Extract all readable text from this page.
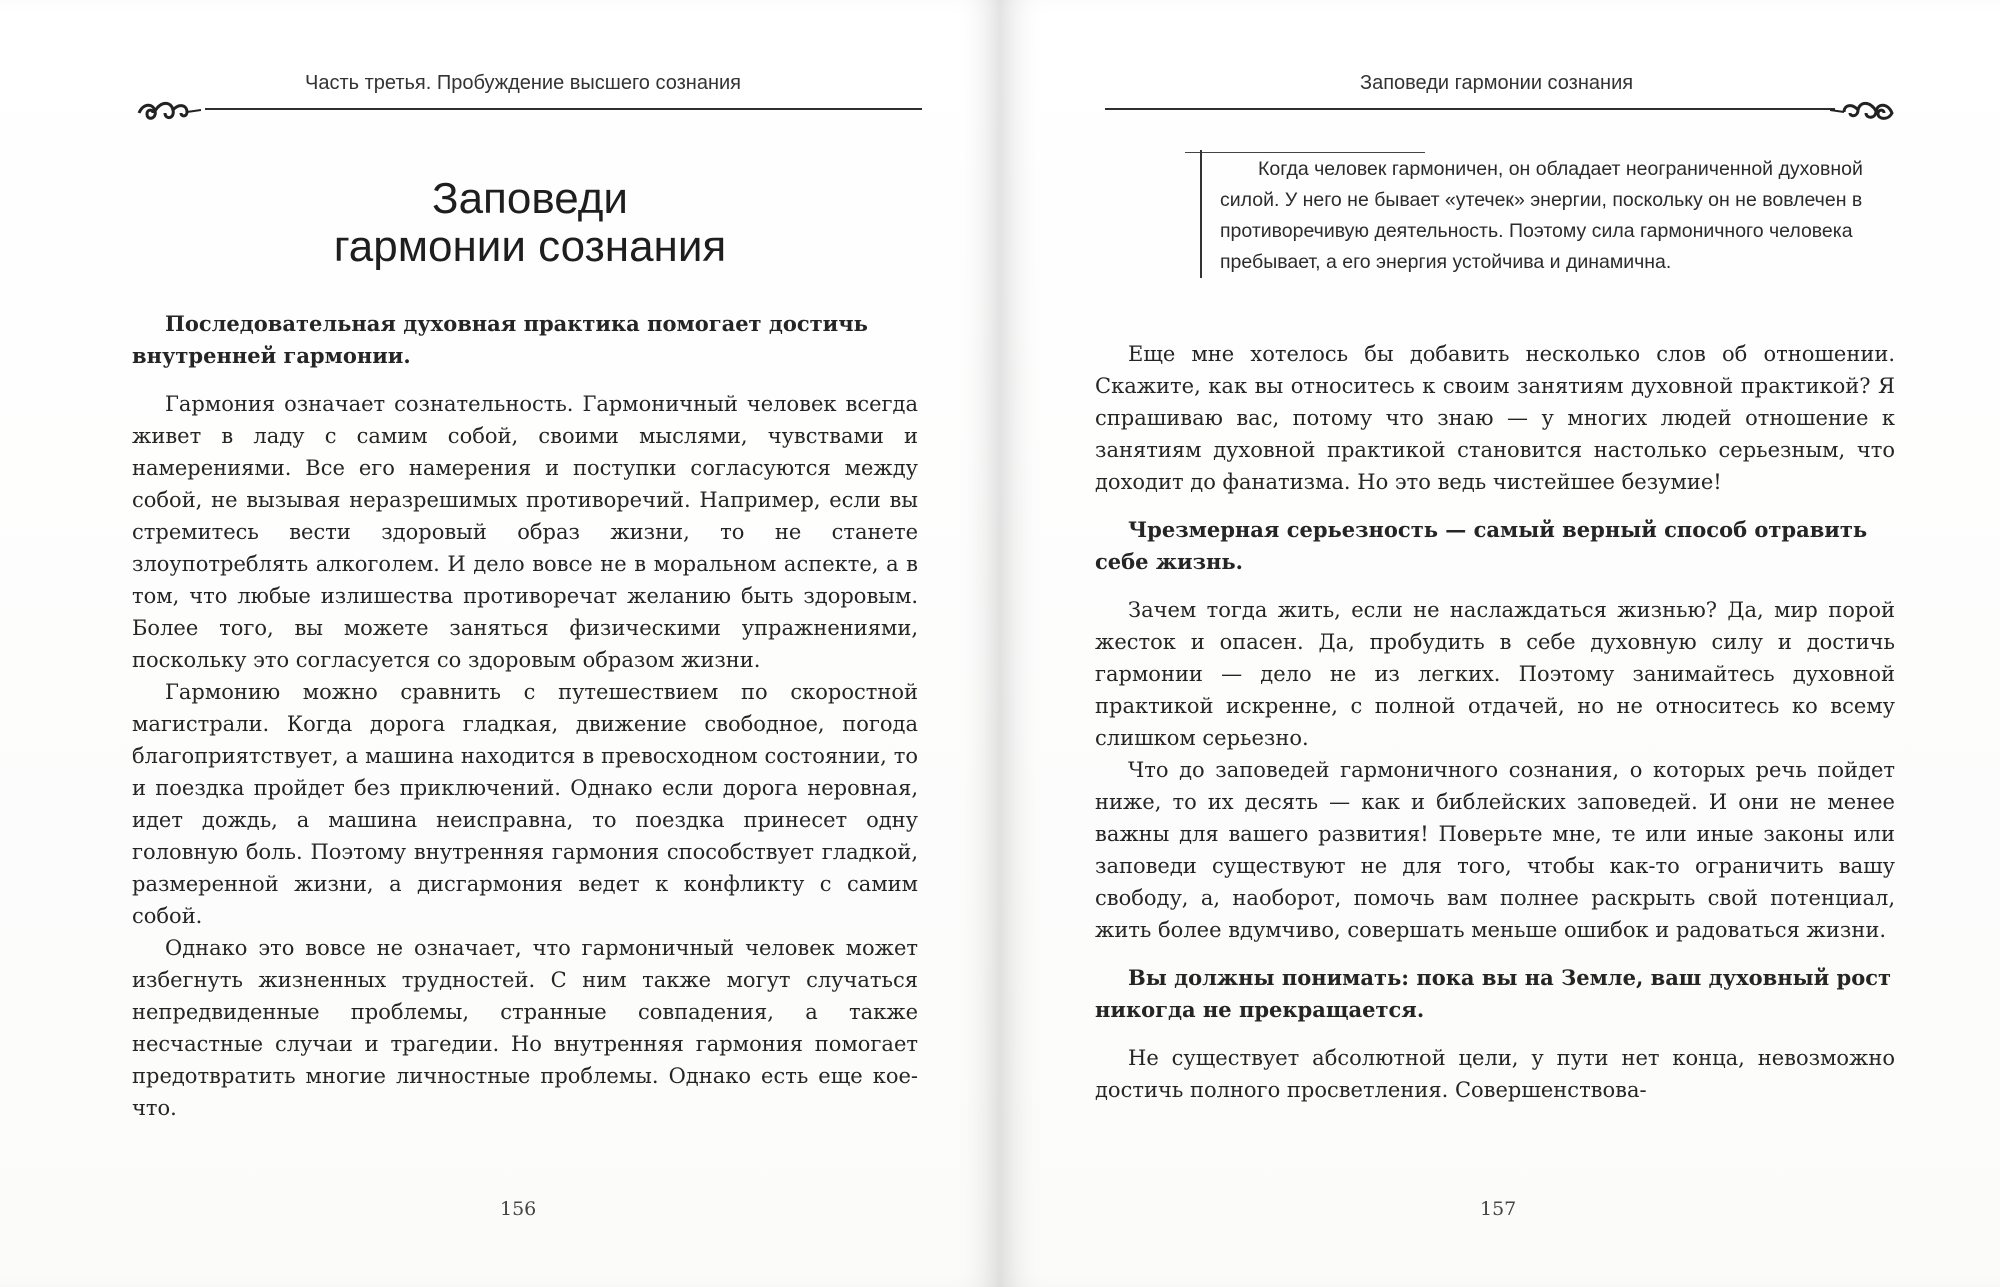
Часть третья. Пробуждение высшего сознания
Заповеди
гармонии сознания

Последовательная духовная практика помогает достичь внутренней гармонии.

Гармония означает сознательность. Гармоничный человек всегда живет в ладу с самим собой, своими мыслями, чувствами и намерениями. Все его намерения и поступки согласуются между собой, не вызывая неразрешимых противоречий. Например, если вы стремитесь вести здоровый образ жизни, то не станете злоупотреблять алкоголем. И дело вовсе не в моральном аспекте, а в том, что любые излишества противоречат желанию быть здоровым. Более того, вы можете заняться физическими упражнениями, поскольку это согласуется со здоровым образом жизни.

Гармонию можно сравнить с путешествием по скоростной магистрали. Когда дорога гладкая, движение свободное, погода благоприятствует, а машина находится в превосходном состоянии, то и поездка пройдет без приключений. Однако если дорога неровная, идет дождь, а машина неисправна, то поездка принесет одну головную боль. Поэтому внутренняя гармония способствует гладкой, размеренной жизни, а дисгармония ведет к конфликту с самим собой.

Однако это вовсе не означает, что гармоничный человек может избегнуть жизненных трудностей. С ним также могут случаться непредвиденные проблемы, странные совпадения, а также несчастные случаи и трагедии. Но внутренняя гармония помогает предотвратить многие личностные проблемы. Однако есть еще кое-что.

156
Заповеди гармонии сознания

Когда человек гармоничен, он обладает неограниченной духовной силой. У него не бывает «утечек» энергии, поскольку он не вовлечен в противоречивую деятельность. Поэтому сила гармоничного человека пребывает, а его энергия устойчива и динамична.

Еще мне хотелось бы добавить несколько слов об отношении. Скажите, как вы относитесь к своим занятиям духовной практикой? Я спрашиваю вас, потому что знаю — у многих людей отношение к занятиям духовной практикой становится настолько серьезным, что доходит до фанатизма. Но это ведь чистейшее безумие!

Чрезмерная серьезность — самый верный способ отравить себе жизнь.

Зачем тогда жить, если не наслаждаться жизнью? Да, мир порой жесток и опасен. Да, пробудить в себе духовную силу и достичь гармонии — дело не из легких. Поэтому занимайтесь духовной практикой искренне, с полной отдачей, но не относитесь ко всему слишком серьезно.

Что до заповедей гармоничного сознания, о которых речь пойдет ниже, то их десять — как и библейских заповедей. И они не менее важны для вашего развития! Поверьте мне, те или иные законы или заповеди существуют не для того, чтобы как-то ограничить вашу свободу, а, наоборот, помочь вам полнее раскрыть свой потенциал, жить более вдумчиво, совершать меньше ошибок и радоваться жизни.

Вы должны понимать: пока вы на Земле, ваш духовный рост никогда не прекращается.

Не существует абсолютной цели, у пути нет конца, невозможно достичь полного просветления. Совершенствова-

157
